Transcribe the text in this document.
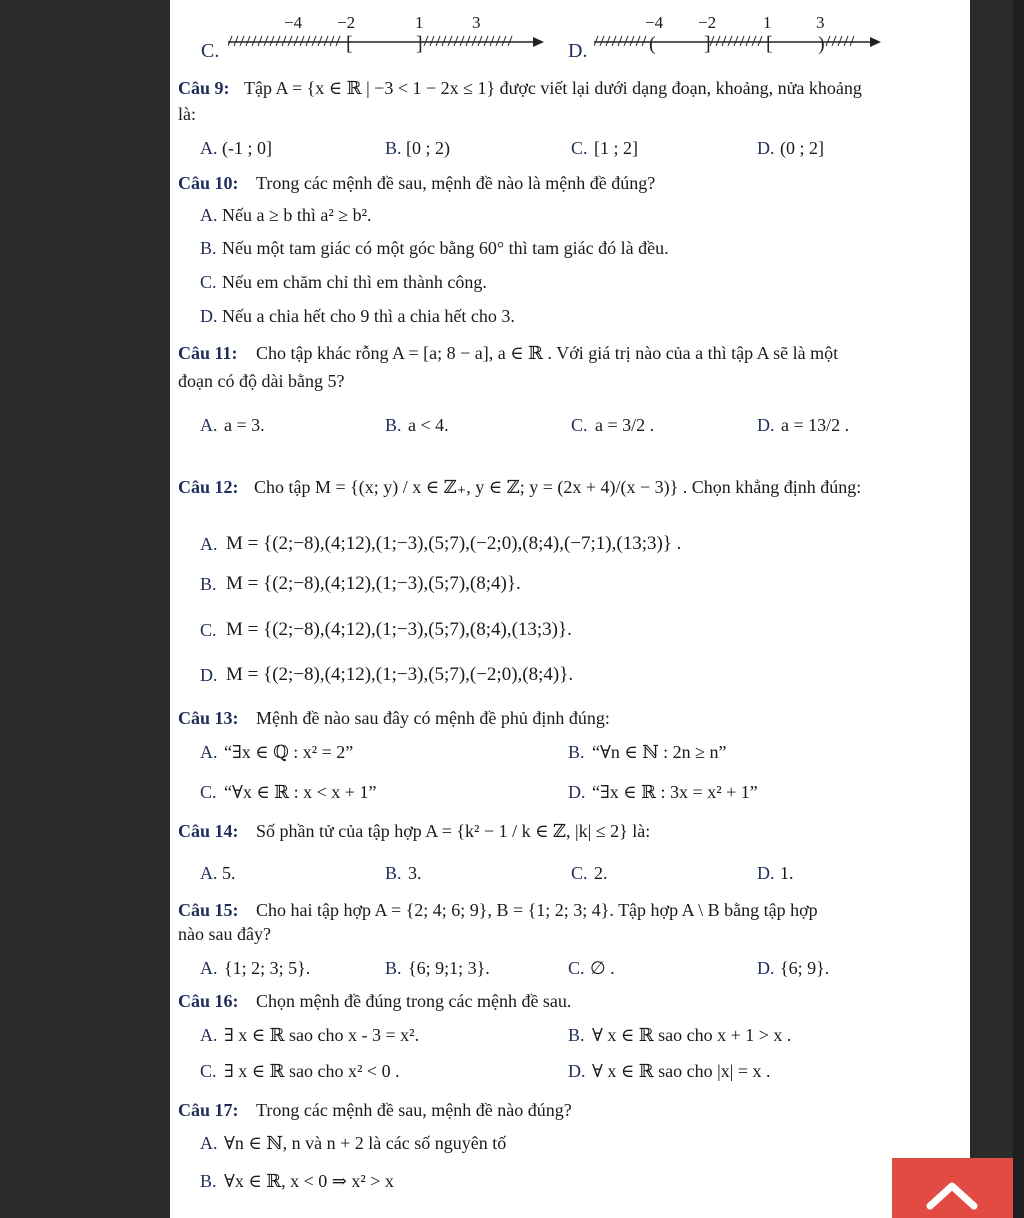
C.
−4 −2	1	3
[	]	D.
−4 −2	1	3
( ]	[ )
Câu 9: Tập A = {x ∈ ℝ | −3 < 1 − 2x ≤ 1} được viết lại dưới dạng đoạn, khoảng, nửa khoảng
là:
A. (-1 ; 0]	B. [0 ; 2)	C. [1 ; 2]	D. (0 ; 2]
Câu 10: Trong các mệnh đề sau, mệnh đề nào là mệnh đề đúng?
A. Nếu a ≥ b thì a² ≥ b².
B. Nếu một tam giác có một góc bằng 60° thì tam giác đó là đều.
C. Nếu em chăm chỉ thì em thành công.
D. Nếu a chia hết cho 9 thì a chia hết cho 3.
Câu 11: Cho tập khác rỗng A = [a; 8 − a], a ∈ ℝ . Với giá trị nào của a thì tập A sẽ là một
đoạn có độ dài bằng 5?
A. a = 3.	B. a < 4.	C. a = 3/2 .	D. a = 13/2 .
Câu 12: Cho tập M = {(x; y) / x ∈ ℤ₊, y ∈ ℤ; y = (2x + 4)/(x − 3)} . Chọn khẳng định đúng:
A. M = {(2;−8),(4;12),(1;−3),(5;7),(−2;0),(8;4),(−7;1),(13;3)} .
B. M = {(2;−8),(4;12),(1;−3),(5;7),(8;4)}.
C. M = {(2;−8),(4;12),(1;−3),(5;7),(8;4),(13;3)}.
D. M = {(2;−8),(4;12),(1;−3),(5;7),(−2;0),(8;4)}.
Câu 13: Mệnh đề nào sau đây có mệnh đề phủ định đúng:
A. “∃x ∈ ℚ : x² = 2”	B. “∀n ∈ ℕ : 2n ≥ n”
C. “∀x ∈ ℝ : x < x + 1”	D. “∃x ∈ ℝ : 3x = x² + 1”
Câu 14: Số phần tử của tập hợp A = {k² − 1 / k ∈ ℤ, |k| ≤ 2} là:
A. 5.	B. 3.	C. 2.	D. 1.
Câu 15: Cho hai tập hợp A = {2; 4; 6; 9}, B = {1; 2; 3; 4}. Tập hợp A \ B bằng tập hợp
nào sau đây?
A. {1; 2; 3; 5}.	B. {6; 9;1; 3}.	C. ∅ .	D. {6; 9}.
Câu 16: Chọn mệnh đề đúng trong các mệnh đề sau.
A. ∃ x ∈ ℝ sao cho x - 3 = x².	B. ∀ x ∈ ℝ sao cho x + 1 > x .
C. ∃ x ∈ ℝ sao cho x² < 0 .	D. ∀ x ∈ ℝ sao cho |x| = x .
Câu 17: Trong các mệnh đề sau, mệnh đề nào đúng?
A. ∀n ∈ ℕ, n và n + 2 là các số nguyên tố
B. ∀x ∈ ℝ, x < 0 ⇒ x² > x
